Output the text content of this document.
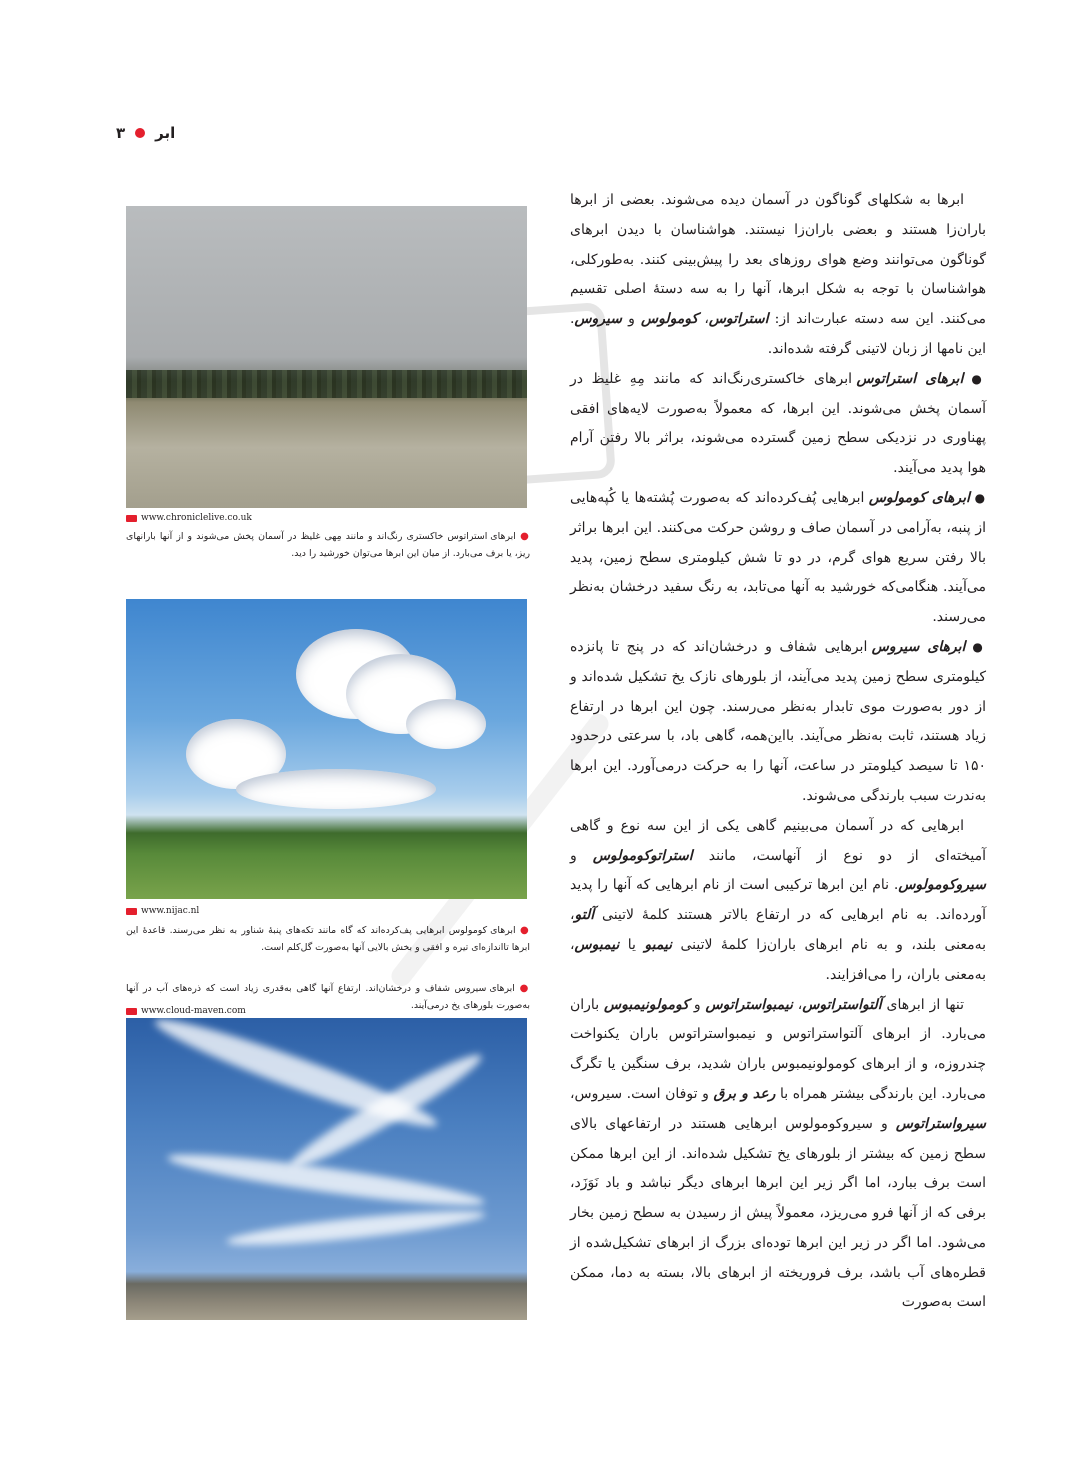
۳ ابر
www.chroniclelive.co.uk
● ابرهای استراتوس خاکستری رنگ‌اند و مانند مِهی غلیظ در آسمان پخش می‌شوند و از آنها بارانهای ریز، یا برف می‌بارد. از میان این ابرها می‌توان خورشید را دید.
www.nijac.nl
● ابرهای کومولوس ابرهایی پف‌کرده‌اند که گاه مانند تکه‌های پنبهٔ شناور به نظر می‌رسند. قاعدهٔ این ابرها تااندازه‌ای تیره و افقی و بخش بالایی آنها به‌صورت گل‌کلم است.
● ابرهای سیروس شفاف و درخشان‌اند. ارتفاع آنها گاهی به‌قدری زیاد است که ذره‌های آب در آنها به‌صورت بلورهای یخ درمی‌آیند.
www.cloud-maven.com

ابرها به شکلهای گوناگون در آسمان دیده می‌شوند. بعضی از ابرها باران‌زا هستند و بعضی باران‌زا نیستند. هواشناسان با دیدن ابرهای گوناگون می‌توانند وضع هوای روزهای بعد را پیش‌بینی کنند. به‌طورکلی، هواشناسان با توجه به شکل ابرها، آنها را به سه دستهٔ اصلی تقسیم می‌کنند. این سه دسته عبارت‌اند از: استراتوس، کومولوس و سیروس. این نامها از زبان لاتینی گرفته شده‌اند.

● ابرهای استراتوس ابرهای خاکستری‌رنگ‌اند که مانند مِهِ غلیظ در آسمان پخش می‌شوند. این ابرها، که معمولاً به‌صورت لایه‌های افقی پهناوری در نزدیکی سطح زمین گسترده می‌شوند، براثر بالا رفتن آرام هوا پدید می‌آیند.

● ابرهای کومولوس ابرهایی پُف‌کرده‌اند که به‌صورت پُشته‌ها یا کُپه‌هایی از پنبه، به‌آرامی در آسمان صاف و روشن حرکت می‌کنند. این ابرها براثر بالا رفتن سریع هوای گرم، در دو تا شش کیلومتری سطح زمین، پدید می‌آیند. هنگامی‌که خورشید به آنها می‌تابد، به رنگ سفید درخشان به‌نظر می‌رسند.

● ابرهای سیروس ابرهایی شفاف و درخشان‌اند که در پنج تا پانزده کیلومتری سطح زمین پدید می‌آیند، از بلورهای نازک یخ تشکیل شده‌اند و از دور به‌صورت موی تابدار به‌نظر می‌رسند. چون این ابرها در ارتفاع زیاد هستند، ثابت به‌نظر می‌آیند. بااین‌همه، گاهی باد، با سرعتی درحدود ۱۵۰ تا سیصد کیلومتر در ساعت، آنها را به حرکت درمی‌آورد. این ابرها به‌ندرت سبب بارندگی می‌شوند.

ابرهایی که در آسمان می‌بینیم گاهی یکی از این سه نوع و گاهی آمیخته‌ای از دو نوع از آنهاست، مانند استراتوکومولوس و سیروکومولوس. نام این ابرها ترکیبی است از نام ابرهایی که آنها را پدید آورده‌اند. به نام ابرهایی که در ارتفاع بالاتر هستند کلمهٔ لاتینی آلتو، به‌معنی بلند، و به نام ابرهای باران‌زا کلمهٔ لاتینی نیمبو یا نیمبوس، به‌معنی باران، را می‌افزایند.

تنها از ابرهای آلتواستراتوس، نیمبواستراتوس و کومولونیمبوس باران می‌بارد. از ابرهای آلتواستراتوس و نیمبواستراتوس باران یکنواخت چندروزه، و از ابرهای کومولونیمبوس باران شدید، برف سنگین یا تگرگ می‌بارد. این بارندگی بیشتر همراه با رعد و برق و توفان است. سیروس، سیرواستراتوس و سیروکومولوس ابرهایی هستند در ارتفاعهای بالای سطح زمین که بیشتر از بلورهای یخ تشکیل شده‌اند. از این ابرها ممکن است برف ببارد، اما اگر زیر این ابرها ابرهای دیگر نباشد و باد نَوَزَد، برفی که از آنها فرو می‌ریزد، معمولاً پیش از رسیدن به سطح زمین بخار می‌شود. اما اگر در زیر این ابرها توده‌ای بزرگ از ابرهای تشکیل‌شده از قطره‌های آب باشد، برف فروریخته از ابرهای بالا، بسته به دما، ممکن است به‌صورت
